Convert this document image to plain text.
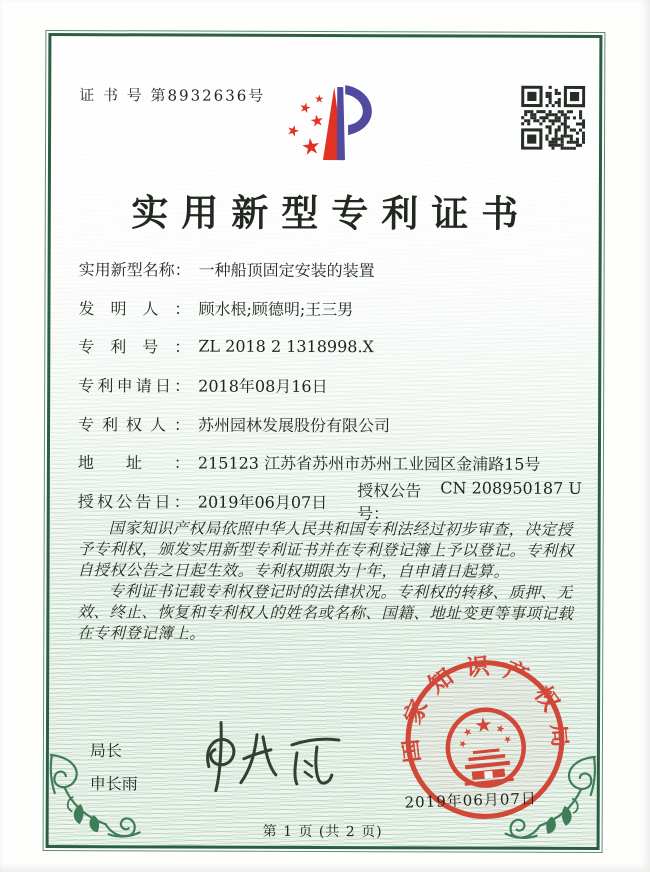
证 书 号 第8932636号
实用新型专利证书
实用新型名称： 一种船顶固定安装的装置
发明人： 顾水根;顾德明;王三男
专利号： ZL 2018 2 1318998.X
专利申请日： 2018年08月16日
专利权人： 苏州园林发展股份有限公司
地址： 215123 江苏省苏州市苏州工业园区金浦路15号
授权公告日： 2019年06月07日
授权公告号：
CN 208950187 U

国家知识产权局依照中华人民共和国专利法经过初步审查，决定授予专利权，颁发实用新型专利证书并在专利登记簿上予以登记。专利权自授权公告之日起生效。专利权期限为十年，自申请日起算。

专利证书记载专利权登记时的法律状况。专利权的转移、质押、无效、终止、恢复和专利权人的姓名或名称、国籍、地址变更等事项记载在专利登记簿上。

局长
申长雨
国家知识产权局
2019年06月07日
第 1 页 (共 2 页)
